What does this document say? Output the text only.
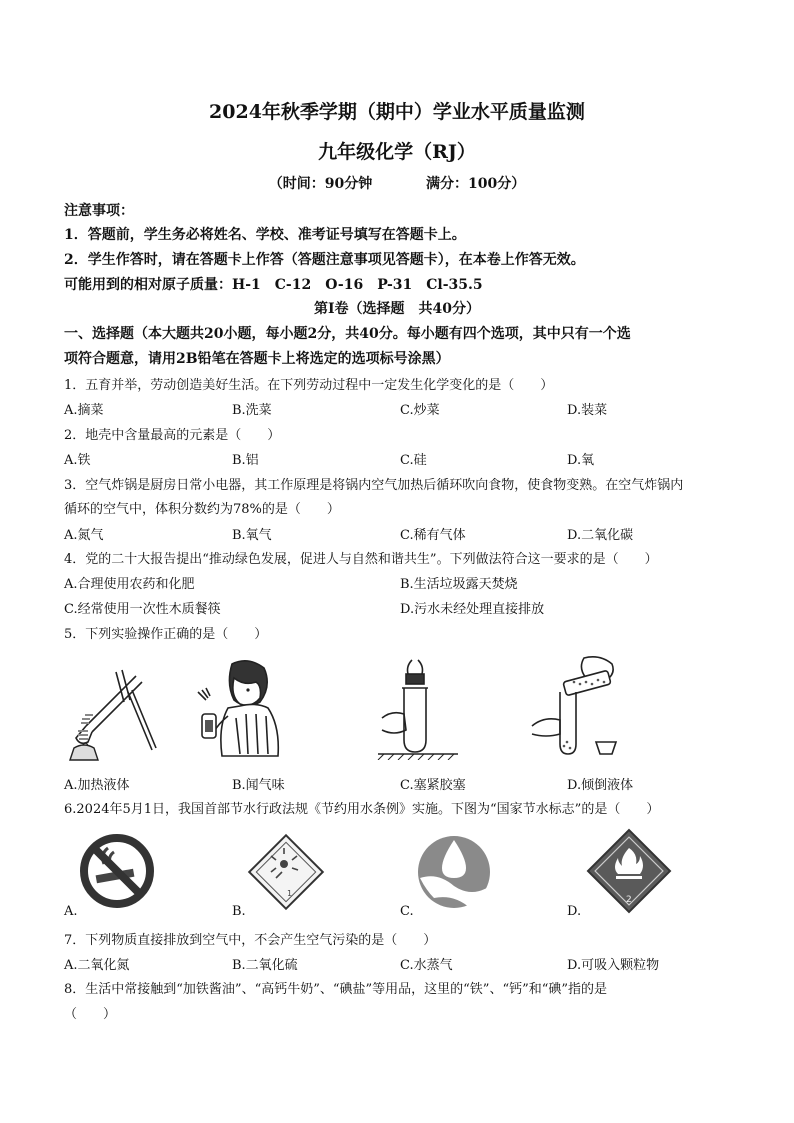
2024年秋季学期（期中）学业水平质量监测
九年级化学（RJ）
（时间：90分钟	满分：100分）
注意事项：
1．答题前，学生务必将姓名、学校、准考证号填写在答题卡上。
2．学生作答时，请在答题卡上作答（答题注意事项见答题卡），在本卷上作答无效。
可能用到的相对原子质量：H-1　C-12　O-16　P-31　Cl-35.5
第Ⅰ卷（选择题　共40分）
一、选择题（本大题共20小题，每小题2分，共40分。每小题有四个选项，其中只有一个选
项符合题意，请用2B铅笔在答题卡上将选定的选项标号涂黑）
1．五育并举，劳动创造美好生活。在下列劳动过程中一定发生化学变化的是（　　）
A.摘菜	B.洗菜	C.炒菜	D.装菜
2．地壳中含量最高的元素是（　　）
A.铁	B.铝	C.硅	D.氧
3．空气炸锅是厨房日常小电器，其工作原理是将锅内空气加热后循环吹向食物，使食物变熟。在空气炸锅内
循环的空气中，体积分数约为78%的是（　　）
A.氮气	B.氧气	C.稀有气体	D.二氧化碳
4．党的二十大报告提出“推动绿色发展，促进人与自然和谐共生”。下列做法符合这一要求的是（　　）
A.合理使用农药和化肥	B.生活垃圾露天焚烧
C.经常使用一次性木质餐筷	D.污水未经处理直接排放
5．下列实验操作正确的是（　　）
A.加热液体	B.闻气味	C.塞紧胶塞	D.倾倒液体
6.2024年5月1日，我国首部节水行政法规《节约用水条例》实施。下图为“国家节水标志”的是（　　）
1
2
A.	B.	C.	D.
7．下列物质直接排放到空气中，不会产生空气污染的是（　　）
A.二氧化氮	B.二氧化硫	C.水蒸气	D.可吸入颗粒物
8．生活中常接触到“加铁酱油”、“高钙牛奶”、“碘盐”等用品，这里的“铁”、“钙”和“碘”指的是
（　　）
